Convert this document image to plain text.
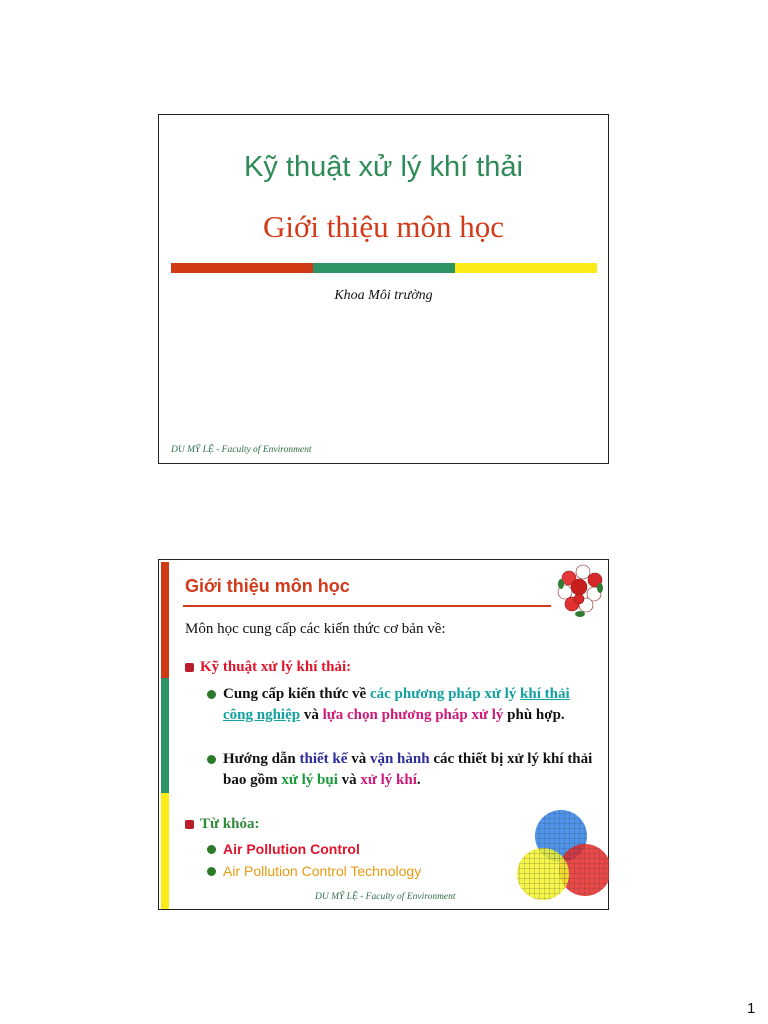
Kỹ thuật xử lý khí thải
Giới thiệu môn học
Khoa Môi trường
DU MỸ LỆ - Faculty of Environment
Giới thiệu môn học
Môn học cung cấp các kiến thức cơ bản về:
Kỹ thuật xử lý khí thải:
Cung cấp kiến thức về các phương pháp xử lý khí thải công nghiệp và lựa chọn phương pháp xử lý phù hợp.
Hướng dẫn thiết kế và vận hành các thiết bị xử lý khí thải bao gồm xử lý bụi và xử lý khí.
Từ khóa:
Air Pollution Control
Air Pollution Control Technology
DU MỸ LỆ - Faculty of Environment
1
